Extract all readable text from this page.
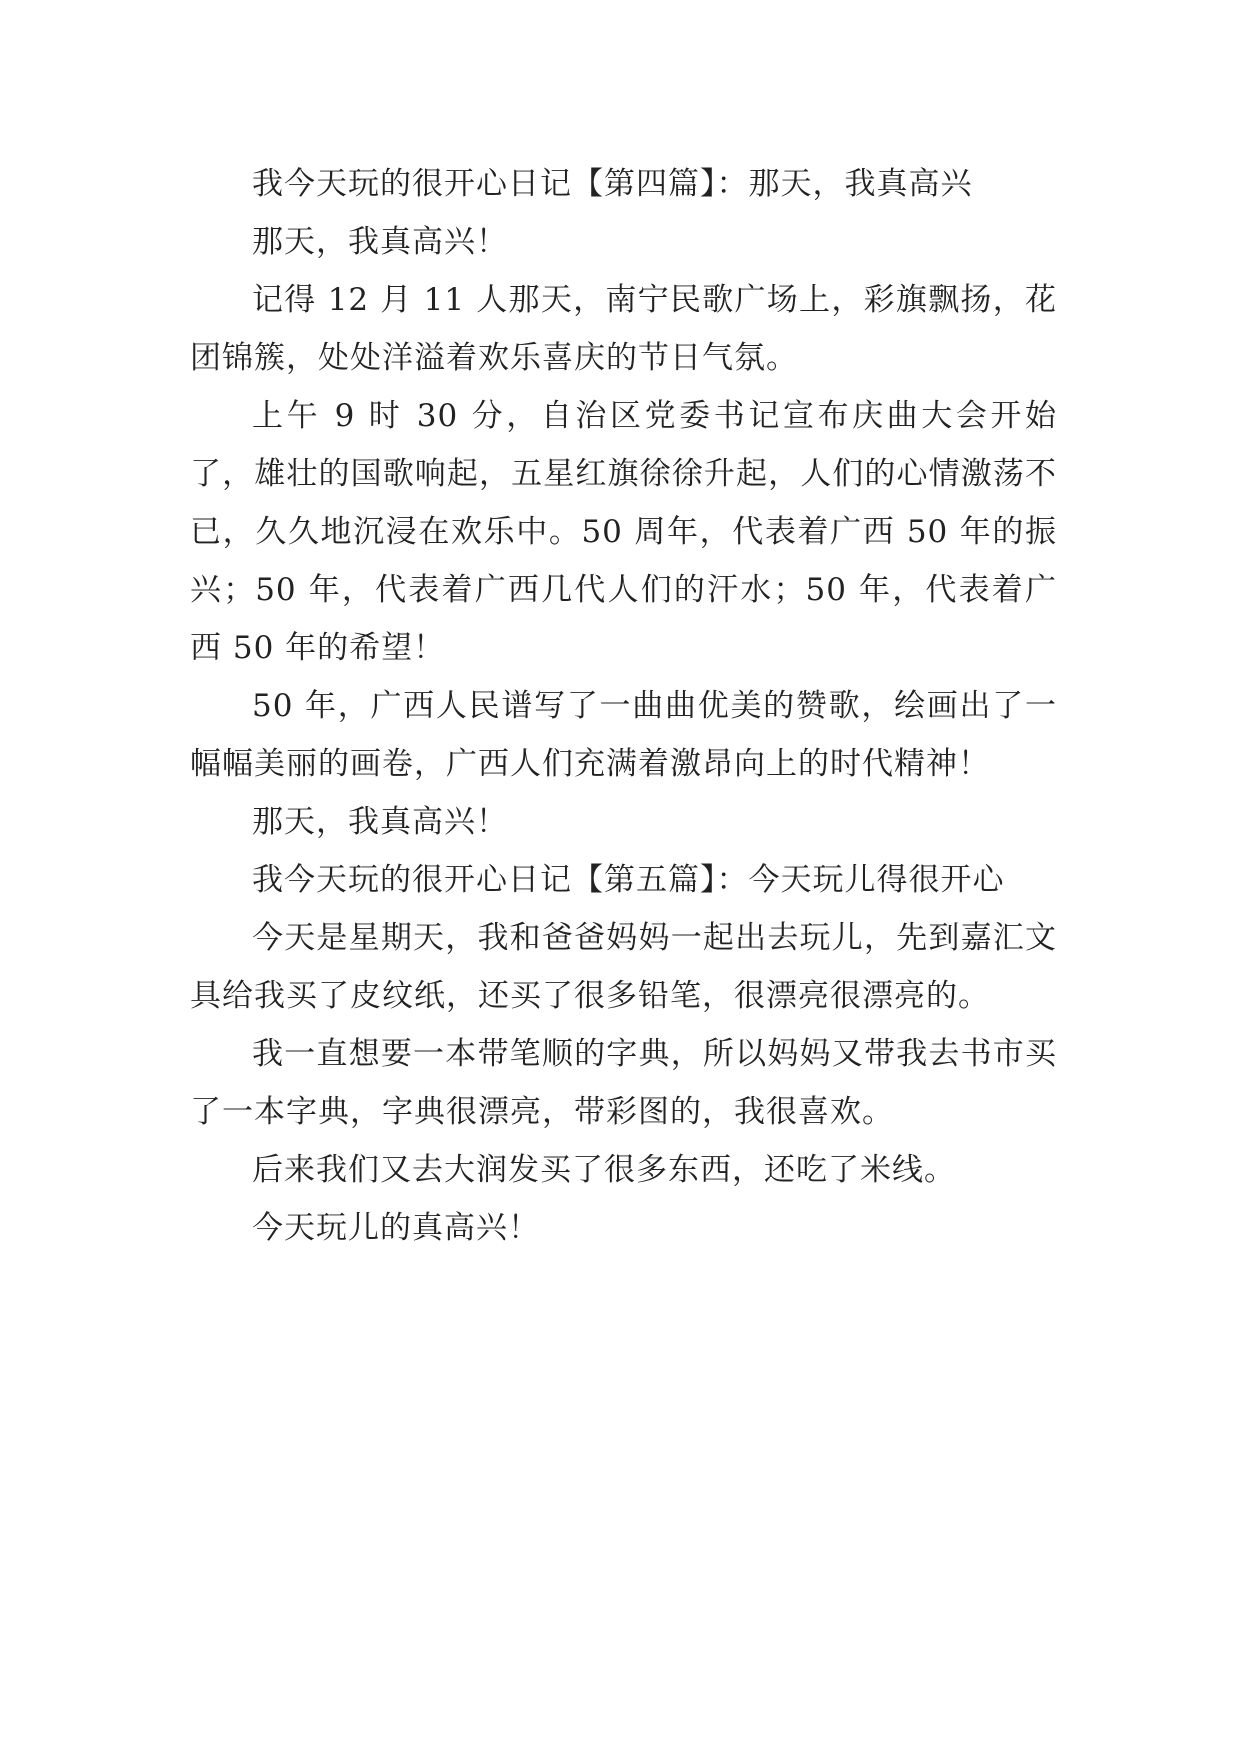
我今天玩的很开心日记【第四篇】：那天，我真高兴

那天，我真高兴！

记得 12 月 11 人那天，南宁民歌广场上，彩旗飘扬，花团锦簇，处处洋溢着欢乐喜庆的节日气氛。

上午 9 时 30 分，自治区党委书记宣布庆曲大会开始了，雄壮的国歌响起，五星红旗徐徐升起，人们的心情激荡不已，久久地沉浸在欢乐中。50 周年，代表着广西 50 年的振兴；50 年，代表着广西几代人们的汗水；50 年，代表着广西 50 年的希望！

50 年，广西人民谱写了一曲曲优美的赞歌，绘画出了一幅幅美丽的画卷，广西人们充满着激昂向上的时代精神！

那天，我真高兴！

我今天玩的很开心日记【第五篇】：今天玩儿得很开心

今天是星期天，我和爸爸妈妈一起出去玩儿，先到嘉汇文具给我买了皮纹纸，还买了很多铅笔，很漂亮很漂亮的。

我一直想要一本带笔顺的字典，所以妈妈又带我去书市买了一本字典，字典很漂亮，带彩图的，我很喜欢。

后来我们又去大润发买了很多东西，还吃了米线。

今天玩儿的真高兴！
